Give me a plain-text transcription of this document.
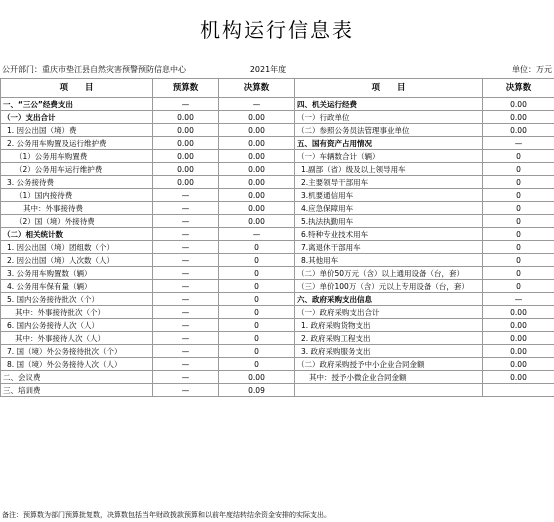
机构运行信息表
公开部门：重庆市垫江县自然灾害预警预防信息中心	2021年度	单位：万元
项　　目	预算数	决算数	项　　目	决算数
一、“三公”经费支出	—	—	四、机关运行经费	0.00
（一）支出合计	0.00	0.00	（一）行政单位	0.00
1. 因公出国（境）费	0.00	0.00	（二）参照公务员法管理事业单位	0.00
2. 公务用车购置及运行维护费	0.00	0.00	五、国有资产占用情况	—
（1）公务用车购置费	0.00	0.00	（一）车辆数合计（辆）	0
（2）公务用车运行维护费	0.00	0.00	1.副部（省）级及以上领导用车	0
3. 公务接待费	0.00	0.00	2.主要领导干部用车	0
（1）国内接待费	—	0.00	3.机要通信用车	0
其中：外事接待费	—	0.00	4.应急保障用车	0
（2）国（境）外接待费	—	0.00	5.执法执勤用车	0
（二）相关统计数	—	—	6.特种专业技术用车	0
1. 因公出国（境）团组数（个）	—	0	7.离退休干部用车	0
2. 因公出国（境）人次数（人）	—	0	8.其他用车	0
3. 公务用车购置数（辆）	—	0	（二）单价50万元（含）以上通用设备（台，套）	0
4. 公务用车保有量（辆）	—	0	（三）单价100万（含）元以上专用设备（台，套）	0
5. 国内公务接待批次（个）	—	0	六、政府采购支出信息	—
其中：外事接待批次（个）	—	0	（一）政府采购支出合计	0.00
6. 国内公务接待人次（人）	—	0	1. 政府采购货物支出	0.00
其中：外事接待人次（人）	—	0	2. 政府采购工程支出	0.00
7. 国（境）外公务接待批次（个）	—	0	3. 政府采购服务支出	0.00
8. 国（境）外公务接待人次（人）	—	0	（二）政府采购授予中小企业合同金额	0.00
二、会议费	—	0.00	其中：授予小微企业合同金额	0.00
三、培训费	—	0.09		
备注：预算数为部门预算批复数，决算数包括当年财政拨款预算和以前年度结转结余资金安排的实际支出。
